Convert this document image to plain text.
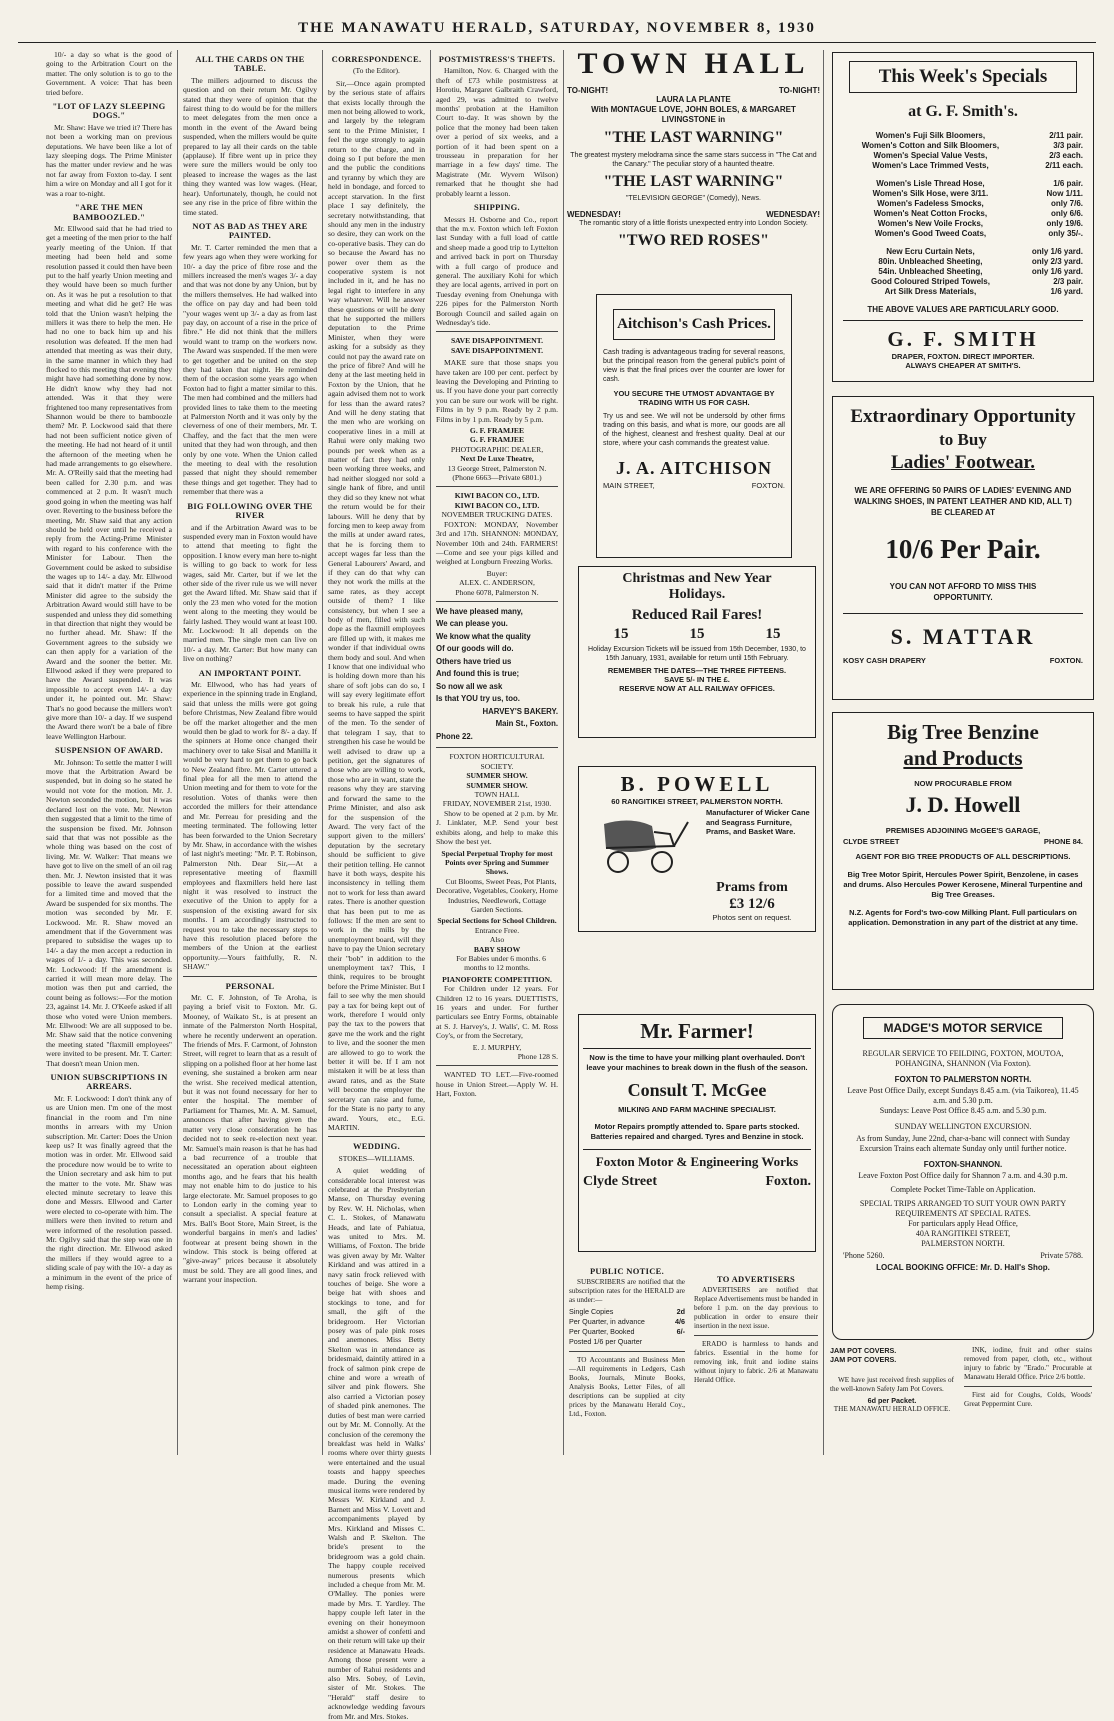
THE MANAWATU HERALD, SATURDAY, NOVEMBER 8, 1930

10/- a day so what is the good of going to the Arbitration Court on the matter. The only solution is to go to the Government. A voice: That has been tried before.

"LOT OF LAZY SLEEPING DOGS."

Mr. Shaw: Have we tried it? There has not been a working man on previous deputations. We have been like a lot of lazy sleeping dogs. The Prime Minister has the matter under review and he was not far away from Foxton to-day. I sent him a wire on Monday and all I got for it was a roar to-night.

"ARE THE MEN BAMBOOZLED."

Mr. Ellwood said that he had tried to get a meeting of the men prior to the half yearly meeting of the Union. If that meeting had been held and some resolution passed it could then have been put to the half yearly Union meeting and they would have been so much further on. As it was he put a resolution to that meeting and what did he get? He was told that the Union wasn't helping the millers it was there to help the men. He had no one to back him up and his resolution was defeated. If the men had attended that meeting as was their duty, in the same manner in which they had flocked to this meeting that evening they might have had something done by now. He didn't know why they had not attended. Was it that they were frightened too many representatives from Shannon would be there to bamboozle them? Mr. P. Lockwood said that there had not been sufficient notice given of the meeting. He had not heard of it until the afternoon of the meeting when he had made arrangements to go elsewhere. Mr. A. O'Reilly said that the meeting had been called for 2.30 p.m. and was commenced at 2 p.m. It wasn't much good going in when the meeting was half over. Reverting to the business before the meeting, Mr. Shaw said that any action should be held over until he received a reply from the Acting-Prime Minister with regard to his conference with the Minister for Labour. Then the Government could be asked to subsidise the wages up to 14/- a day. Mr. Ellwood said that it didn't matter if the Prime Minister did agree to the subsidy the Arbitration Award would still have to be suspended and unless they did something in that direction that night they would be no further ahead. Mr. Shaw: If the Government agrees to the subsidy we can then apply for a variation of the Award and the sooner the better. Mr. Ellwood asked if they were prepared to have the Award suspended. It was impossible to accept even 14/- a day under it, he pointed out. Mr. Shaw: That's no good because the millers won't give more than 10/- a day. If we suspend the Award there won't be a bale of fibre leave Wellington Harbour.

SUSPENSION OF AWARD.

Mr. Johnson: To settle the matter I will move that the Arbitration Award be suspended, but in doing so he stated he would not vote for the motion. Mr. J. Newton seconded the motion, but it was declared lost on the vote. Mr. Newton then suggested that a limit to the time of the suspension be fixed. Mr. Johnson said that that was not possible as the whole thing was based on the cost of living. Mr. W. Walker: That means we have got to live on the smell of an oil rag then. Mr. J. Newton insisted that it was possible to leave the award suspended for a limited time and moved that the Award be suspended for six months. The motion was seconded by Mr. F. Lockwood. Mr. R. Shaw moved an amendment that if the Government was prepared to subsidise the wages up to 14/- a day the men accept a reduction in wages of 1/- a day. This was seconded. Mr. Lockwood: If the amendment is carried it will mean more delay. The motion was then put and carried, the count being as follows:—For the motion 23, against 14. Mr. J. O'Keefe asked if all those who voted were Union members. Mr. Ellwood: We are all supposed to be. Mr. Shaw said that the notice convening the meeting stated "flaxmill employees" were invited to be present. Mr. T. Carter: That doesn't mean Union men.

UNION SUBSCRIPTIONS IN ARREARS.

Mr. F. Lockwood: I don't think any of us are Union men. I'm one of the most financial in the room and I'm nine months in arrears with my Union subscription. Mr. Carter: Does the Union keep us? It was finally agreed that the motion was in order. Mr. Ellwood said the procedure now would be to write to the Union secretary and ask him to put the matter to the vote. Mr. Shaw was elected minute secretary to leave this done and Messrs. Ellwood and Carter were elected to co-operate with him. The millers were then invited to return and were informed of the resolution passed. Mr. Ogilvy said that the step was one in the right direction. Mr. Ellwood asked the millers if they would agree to a sliding scale of pay with the 10/- a day as a minimum in the event of the price of hemp rising.

ALL THE CARDS ON THE TABLE.

The millers adjourned to discuss the question and on their return Mr. Ogilvy stated that they were of opinion that the fairest thing to do would be for the millers to meet delegates from the men once a month in the event of the Award being suspended, when the millers would be quite prepared to lay all their cards on the table (applause). If fibre went up in price they were sure the millers would be only too pleased to increase the wages as the last thing they wanted was low wages. (Hear, hear). Unfortunately, though, he could not see any rise in the price of fibre within the time stated.

NOT AS BAD AS THEY ARE PAINTED.

Mr. T. Carter reminded the men that a few years ago when they were working for 10/- a day the price of fibre rose and the millers increased the men's wages 3/- a day and that was not done by any Union, but by the millers themselves. He had walked into the office on pay day and had been told "your wages went up 3/- a day as from last pay day, on account of a rise in the price of fibre." He did not think that the millers would want to tramp on the workers now. The Award was suspended. If the men were to get together and be united on the step they had taken that night. He reminded them of the occasion some years ago when Foxton had to fight a matter similar to this. The men had combined and the millers had provided lines to take them to the meeting at Palmerston North and it was only by the cleverness of one of their members, Mr. T. Chaffey, and the fact that the men were united that they had won through, and then only by one vote. When the Union called the meeting to deal with the resolution passed that night they should remember these things and get together. They had to remember that there was a

BIG FOLLOWING OVER THE RIVER

and if the Arbitration Award was to be suspended every man in Foxton would have to attend that meeting to fight the opposition. I know every man here to-night is willing to go back to work for less wages, said Mr. Carter, but if we let the other side of the river rule us we will never get the Award lifted. Mr. Shaw said that if only the 23 men who voted for the motion went along to the meeting they would be fairly lashed. They would want at least 100. Mr. Lockwood: It all depends on the married men. The single men can live on 10/- a day. Mr. Carter: But how many can live on nothing?

AN IMPORTANT POINT.

Mr. Ellwood, who has had years of experience in the spinning trade in England, said that unless the mills were got going before Christmas, New Zealand fibre would be off the market altogether and the men would then be glad to work for 8/- a day. If the spinners at Home once changed their machinery over to take Sisal and Manilla it would be very hard to get them to go back to New Zealand fibre. Mr. Carter uttered a final plea for all the men to attend the Union meeting and for them to vote for the resolution. Votes of thanks were then accorded the millers for their attendance and Mr. Perreau for presiding and the meeting terminated. The following letter has been forwarded to the Union Secretary by Mr. Shaw, in accordance with the wishes of last night's meeting: "Mr. P. T. Robinson, Palmerston Nth. Dear Sir,—At a representative meeting of flaxmill employees and flaxmillers held here last night it was resolved to instruct the executive of the Union to apply for a suspension of the existing award for six months. I am accordingly instructed to request you to take the necessary steps to have this resolution placed before the members of the Union at the earliest opportunity.—Yours faithfully, R. N. SHAW."

PERSONAL

Mr. C. F. Johnston, of Te Aroha, is paying a brief visit to Foxton. Mr. G. Mooney, of Waikato St., is at present an inmate of the Palmerston North Hospital, where he recently underwent an operation. The friends of Mrs. F. Carmont, of Johnston Street, will regret to learn that as a result of slipping on a polished floor at her home last evening, she sustained a broken arm near the wrist. She received medical attention, but it was not found necessary for her to enter the hospital. The member of Parliament for Thames, Mr. A. M. Samuel, announces that after having given the matter very close consideration he has decided not to seek re-election next year. Mr. Samuel's main reason is that he has had a bad recurrence of a trouble that necessitated an operation about eighteen months ago, and he fears that his health may not enable him to do justice to his large electorate. Mr. Samuel proposes to go to London early in the coming year to consult a specialist. A special feature at Mrs. Ball's Boot Store, Main Street, is the wonderful bargains in men's and ladies' footwear at present being shown in the window. This stock is being offered at "give-away" prices because it absolutely must be sold. They are all good lines, and warrant your inspection.

CORRESPONDENCE.
(To the Editor).

Sir,—Once again prompted by the serious state of affairs that exists locally through the men not being allowed to work, and largely by the telegram sent to the Prime Minister, I feel the urge strongly to again return to the charge, and in doing so I put before the men and the public the conditions and tyranny by which they are held in bondage, and forced to accept starvation. In the first place I say definitely, the secretary notwithstanding, that should any men in the industry so desire, they can work on the co-operative basis. They can do so because the Award has no power over them as the cooperative system is not included in it, and he has no legal right to interfere in any way whatever. Will he answer these questions or will he deny that he supported the millers deputation to the Prime Minister, when they were asking for a subsidy as they could not pay the award rate on the price of fibre? And will he deny at the last meeting held in Foxton by the Union, that he again advised them not to work for less than the award rates? And will he deny stating that the men who are working on cooperative lines in a mill at Rahui were only making two pounds per week when as a matter of fact they had only been working three weeks, and had neither slogged nor sold a single hank of fibre, and until they did so they knew not what the return would be for their labours. Will he deny that by forcing men to keep away from the mills at under award rates, that he is forcing them to accept wages far less than the General Labourers' Award, and if they can do that why can they not work the mills at the same rates, as they accept outside of them? I like consistency, but when I see a body of men, filled with such dope as the flaxmill employees are filled up with, it makes me wonder if that individual owns them body and soul. And when I know that one individual who is holding down more than his share of soft jobs can do so, I will say every legitimate effort to break his rule, a rule that seems to have sapped the spirit of the men. To the sender of that telegram I say, that to strengthen his case he would be well advised to draw up a petition, get the signatures of those who are willing to work, those who are in want, state the reasons why they are starving and forward the same to the Prime Minister, and also ask for the suspension of the Award. The very fact of the support given to the millers' deputation by the secretary should be sufficient to give their petition telling. He cannot have it both ways, despite his inconsistency in telling them not to work for less than award rates. There is another question that has been put to me as follows: If the men are sent to work in the mills by the unemployment board, will they have to pay the Union secretary their "bob" in addition to the unemployment tax? This, I think, requires to be brought before the Prime Minister. But I fail to see why the men should pay a tax for being kept out of work, therefore I would only pay the tax to the powers that gave me the work and the right to live, and the sooner the men are allowed to go to work the better it will be. If I am not mistaken it will be at less than award rates, and as the State will become the employer the secretary can raise and fume, for the State is no party to any award. Yours, etc., E.G. MARTIN.

WEDDING.
STOKES—WILLIAMS.

A quiet wedding of considerable local interest was celebrated at the Presbyterian Manse, on Thursday evening by Rev. W. H. Nicholas, when C. L. Stokes, of Manawatu Heads, and late of Pahiatua, was united to Mrs. M. Williams, of Foxton. The bride was given away by Mr. Walter Kirkland and was attired in a navy satin frock relieved with touches of beige. She wore a beige hat with shoes and stockings to tone, and for small, the gift of the bridegroom. Her Victorian posey was of pale pink roses and anemones. Miss Betty Skelton was in attendance as bridesmaid, daintily attired in a frock of salmon pink crepe de chine and wore a wreath of silver and pink flowers. She also carried a Victorian posey of shaded pink anemones. The duties of best man were carried out by Mr. M. Connolly. At the conclusion of the ceremony the breakfast was held in Walks' rooms where over thirty guests were entertained and the usual toasts and happy speeches made. During the evening musical items were rendered by Messrs W. Kirkland and J. Barnett and Miss V. Lovett and accompaniments played by Mrs. Kirkland and Misses C. Walsh and P. Skelton. The bride's present to the bridegroom was a gold chain. The happy couple received numerous presents which included a cheque from Mr. M. O'Malley. The ponies were made by Mrs. T. Yardley. The happy couple left later in the evening on their honeymoon amidst a shower of confetti and on their return will take up their residence at Manawatu Heads. Among those present were a number of Rahui residents and also Mrs. Sobey, of Levin, sister of Mr. Stokes. The "Herald" staff desire to acknowledge wedding favours from Mr. and Mrs. Stokes.

POSTMISTRESS'S THEFTS.

Hamilton, Nov. 6. Charged with the theft of £73 while postmistress at Horotiu, Margaret Galbraith Crawford, aged 29, was admitted to twelve months' probation at the Hamilton Court to-day. It was shown by the police that the money had been taken over a period of six weeks, and a portion of it had been spent on a trousseau in preparation for her marriage in a few days' time. The Magistrate (Mr. Wyvern Wilson) remarked that he thought she had probably learnt a lesson.

SHIPPING.

Messrs H. Osborne and Co., report that the m.v. Foxton which left Foxton last Sunday with a full load of cattle and sheep made a good trip to Lyttelton and arrived back in port on Thursday with a full cargo of produce and general. The auxiliary Kohi for which they are local agents, arrived in port on Tuesday evening from Onehunga with 226 pipes for the Palmerston North Borough Council and sailed again on Wednesday's tide.

SAVE DISAPPOINTMENT.
SAVE DISAPPOINTMENT.

MAKE sure that those snaps you have taken are 100 per cent. perfect by leaving the Developing and Printing to us. If you have done your part correctly you can be sure our work will be right. Films in by 9 p.m. Ready by 2 p.m. Films in by 1 p.m. Ready by 5 p.m.

G. F. FRAMJEE
G. F. FRAMJEE
PHOTOGRAPHIC DEALER,
Next De Luxe Theatre,
13 George Street, Palmerston N.
(Phone 6663—Private 6801.)
KIWI BACON CO., LTD.
KIWI BACON CO., LTD.
NOVEMBER TRUCKING DATES.

FOXTON: MONDAY, November 3rd and 17th. SHANNON: MONDAY, November 10th and 24th. FARMERS!—Come and see your pigs killed and weighed at Longburn Freezing Works.

Buyer:
ALEX. C. ANDERSON,
Phone 6078, Palmerston N.
We have pleased many,
We can please you.
We know what the quality
Of our goods will do.
Others have tried us
And found this is true;
So now all we ask
Is that YOU try us, too.
HARVEY'S BAKERY.
Main St., Foxton.
Phone 22.
FOXTON HORTICULTURAL SOCIETY.
SUMMER SHOW.
SUMMER SHOW.
TOWN HALL
FRIDAY, NOVEMBER 21st, 1930.

Show to be opened at 2 p.m. by Mr. J. Linklater, M.P. Send your best exhibits along, and help to make this Show the best yet.

Special Perpetual Trophy for most Points over Spring and Summer Shows.

Cut Blooms, Sweet Peas, Pot Plants, Decorative, Vegetables, Cookery, Home Industries, Needlework, Cottage Garden Sections.

Special Sections for School Children.
Entrance Free.
Also
BABY SHOW

For Babies under 6 months. 6 months to 12 months.

PIANOFORTE COMPETITION.

For Children under 12 years. For Children 12 to 16 years. DUETTISTS, 16 years and under. For further particulars see Entry Forms, obtainable at S. J. Harvey's, J. Walls', C. M. Ross Coy's, or from the Secretary,

E. J. MURPHY,
Phone 128 S.

WANTED TO LET.—Five-roomed house in Union Street.—Apply W. H. Hart, Foxton.

TOWN HALL
TO-NIGHT!	TO-NIGHT!
LAURA LA PLANTE
With MONTAGUE LOVE, JOHN BOLES, & MARGARET LIVINGSTONE in
"THE LAST WARNING"
The greatest mystery melodrama since the same stars success in "The Cat and the Canary." The peculiar story of a haunted theatre.
"THE LAST WARNING"
"TELEVISION GEORGE" (Comedy), News.
WEDNESDAY!	WEDNESDAY!
The romantic story of a little florists unexpected entry into London Society.
"TWO RED ROSES"
Aitchison's Cash Prices.
Cash trading is advantageous trading for several reasons, but the principal reason from the general public's point of view is that the final prices over the counter are lower for cash.
YOU SECURE THE UTMOST ADVANTAGE BY TRADING WITH US FOR CASH.
Try us and see. We will not be undersold by other firms trading on this basis, and what is more, our goods are all of the highest, cleanest and freshest quality. Deal at our store, where your cash commands the greatest value.
J. A. AITCHISON
MAIN STREET,	FOXTON.
Christmas and New Year
Holidays.
Reduced Rail Fares!
15	15	15
Holiday Excursion Tickets will be issued from 15th December, 1930, to 15th January, 1931, available for return until 15th February.
REMEMBER THE DATES—THE THREE FIFTEENS.
SAVE 5/- IN THE £.
RESERVE NOW AT ALL RAILWAY OFFICES.
B. POWELL
60 RANGITIKEI STREET, PALMERSTON NORTH.
Manufacturer of Wicker Cane and Seagrass Furniture, Prams, and Basket Ware.
Prams from
£3 12/6
Photos sent on request.
Mr. Farmer!
Now is the time to have your milking plant overhauled. Don't leave your machines to break down in the flush of the season.
Consult T. McGee
MILKING AND FARM MACHINE SPECIALIST.
Motor Repairs promptly attended to. Spare parts stocked. Batteries repaired and charged. Tyres and Benzine in stock.
Foxton Motor & Engineering Works
Clyde Street	Foxton.
PUBLIC NOTICE.

SUBSCRIBERS are notified that the subscription rates for the HERALD are as under:—

Single Copies	2d
Per Quarter, in advance	4/6
Per Quarter, Booked	6/-
Posted 1/6 per Quarter	

TO Accountants and Business Men —All requirements in Ledgers, Cash Books, Journals, Minute Books, Analysis Books, Letter Files, of all descriptions can be supplied at city prices by the Manawatu Herald Coy., Ltd., Foxton.

TO ADVERTISERS

ADVERTISERS are notified that Replace Advertisements must be handed in before 1 p.m. on the day previous to publication in order to ensure their insertion in the next issue.

ERADO is harmless to hands and fabrics. Essential in the home for removing ink, fruit and iodine stains without injury to fabric. 2/6 at Manawatu Herald Office.

This Week's Specials
at G. F. Smith's.
Women's Fuji Silk Bloomers,	2/11 pair.
Women's Cotton and Silk Bloomers,	3/3 pair.
Women's Special Value Vests,	2/3 each.
Women's Lace Trimmed Vests,	2/11 each.

Women's Lisle Thread Hose,	1/6 pair.
Women's Silk Hose, were 3/11.	Now 1/11.
Women's Fadeless Smocks,	only 7/6.
Women's Neat Cotton Frocks,	only 6/6.
Women's New Voile Frocks,	only 19/6.
Women's Good Tweed Coats,	only 35/-.

New Ecru Curtain Nets,	only 1/6 yard.
80in. Unbleached Sheeting,	only 2/3 yard.
54in. Unbleached Sheeting,	only 1/6 yard.
Good Coloured Striped Towels,	2/3 pair.
Art Silk Dress Materials,	1/6 yard.
THE ABOVE VALUES ARE PARTICULARLY GOOD.
G. F. SMITH
DRAPER, FOXTON. DIRECT IMPORTER.
ALWAYS CHEAPER AT SMITH'S.
Extraordinary Opportunity
to Buy
Ladies' Footwear.
WE ARE OFFERING 50 PAIRS OF LADIES' EVENING AND WALKING SHOES, IN PATENT LEATHER AND KID, ALL T) BE CLEARED AT
10/6 Per Pair.
YOU CAN NOT AFFORD TO MISS THIS OPPORTUNITY.
S. MATTAR
KOSY CASH DRAPERY	FOXTON.
Big Tree Benzine
and Products
NOW PROCURABLE FROM
J. D. Howell
PREMISES ADJOINING McGEE'S GARAGE,
CLYDE STREET	PHONE 84.
AGENT FOR BIG TREE PRODUCTS OF ALL DESCRIPTIONS.
Big Tree Motor Spirit, Hercules Power Spirit, Benzolene, in cases and drums. Also Hercules Power Kerosene, Mineral Turpentine and Big Tree Greases.
N.Z. Agents for Ford's two-cow Milking Plant. Full particulars on application. Demonstration in any part of the district at any time.
MADGE'S MOTOR SERVICE
REGULAR SERVICE TO FEILDING, FOXTON, MOUTOA, POHANGINA, SHANNON (Via Foxton).
FOXTON TO PALMERSTON NORTH.
Leave Post Office Daily, except Sundays 8.45 a.m. (via Taikorea), 11.45 a.m. and 5.30 p.m.
Sundays: Leave Post Office 8.45 a.m. and 5.30 p.m.
SUNDAY WELLINGTON EXCURSION.
As from Sunday, June 22nd, char-a-banc will connect with Sunday Excursion Trains each alternate Sunday only until further notice.
FOXTON-SHANNON.
Leave Foxton Post Office daily for Shannon 7 a.m. and 4.30 p.m.
Complete Pocket Time-Table on Application.
SPECIAL TRIPS ARRANGED TO SUIT YOUR OWN PARTY REQUIREMENTS AT SPECIAL RATES.
For particulars apply Head Office,
40A RANGITIKEI STREET,
PALMERSTON NORTH.
'Phone 5260.	Private 5788.
LOCAL BOOKING OFFICE: Mr. D. Hall's Shop.
JAM POT COVERS.
JAM POT COVERS.

WE have just received fresh supplies of the well-known Safety Jam Pot Covers.

6d per Packet.
THE MANAWATU HERALD OFFICE.

INK, iodine, fruit and other stains removed from paper, cloth, etc., without injury to fabric by "Erado." Procurable at Manawatu Herald Office. Price 2/6 bottle.

First aid for Coughs, Colds, Woods' Great Peppermint Cure.
